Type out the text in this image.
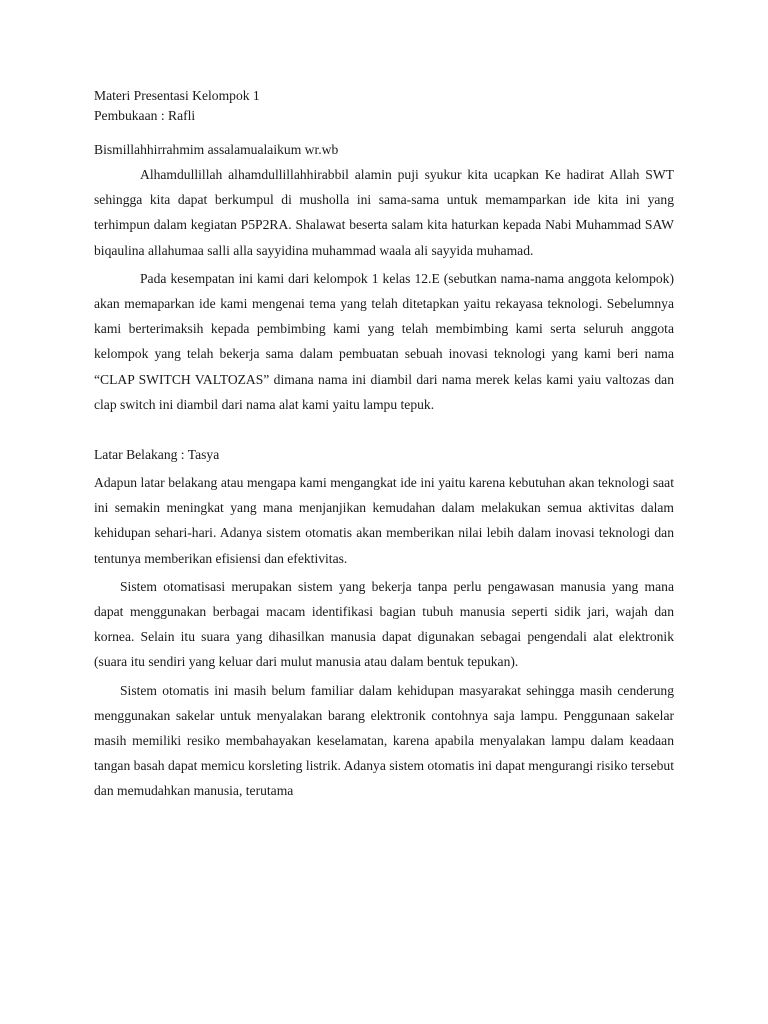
Materi Presentasi Kelompok 1

Pembukaan : Rafli

Bismillahhirrahmim assalamualaikum wr.wb

Alhamdullillah alhamdullillahhirabbil alamin puji syukur kita ucapkan Ke hadirat Allah SWT sehingga kita dapat berkumpul di musholla ini sama-sama untuk memamparkan ide kita ini yang terhimpun dalam kegiatan P5P2RA. Shalawat beserta salam kita haturkan kepada Nabi Muhammad SAW biqaulina allahumaa salli alla sayyidina muhammad waala ali sayyida muhamad.

Pada kesempatan ini kami dari kelompok 1 kelas 12.E (sebutkan nama-nama anggota kelompok) akan memaparkan ide kami mengenai tema yang telah ditetapkan yaitu rekayasa teknologi. Sebelumnya kami berterimaksih kepada pembimbing kami yang telah membimbing kami serta seluruh anggota kelompok yang telah bekerja sama dalam pembuatan sebuah inovasi teknologi yang kami beri nama “CLAP SWITCH VALTOZAS” dimana nama ini diambil dari nama merek kelas kami yaiu valtozas dan clap switch ini diambil dari nama alat kami yaitu lampu tepuk.

Latar Belakang : Tasya

Adapun latar belakang atau mengapa kami mengangkat ide ini yaitu karena kebutuhan akan teknologi saat ini semakin meningkat yang mana menjanjikan kemudahan dalam melakukan semua aktivitas dalam kehidupan sehari-hari. Adanya sistem otomatis akan memberikan nilai lebih dalam inovasi teknologi dan tentunya memberikan efisiensi dan efektivitas.

Sistem otomatisasi merupakan sistem yang bekerja tanpa perlu pengawasan manusia yang mana dapat menggunakan berbagai macam identifikasi bagian tubuh manusia seperti sidik jari, wajah dan kornea. Selain itu suara yang dihasilkan manusia dapat digunakan sebagai pengendali alat elektronik (suara itu sendiri yang keluar dari mulut manusia atau dalam bentuk tepukan).

Sistem otomatis ini masih belum familiar dalam kehidupan masyarakat sehingga masih cenderung menggunakan sakelar untuk menyalakan barang elektronik contohnya saja lampu. Penggunaan sakelar masih memiliki resiko membahayakan keselamatan, karena apabila menyalakan lampu dalam keadaan tangan basah dapat memicu korsleting listrik. Adanya sistem otomatis ini dapat mengurangi risiko tersebut dan memudahkan manusia, terutama
